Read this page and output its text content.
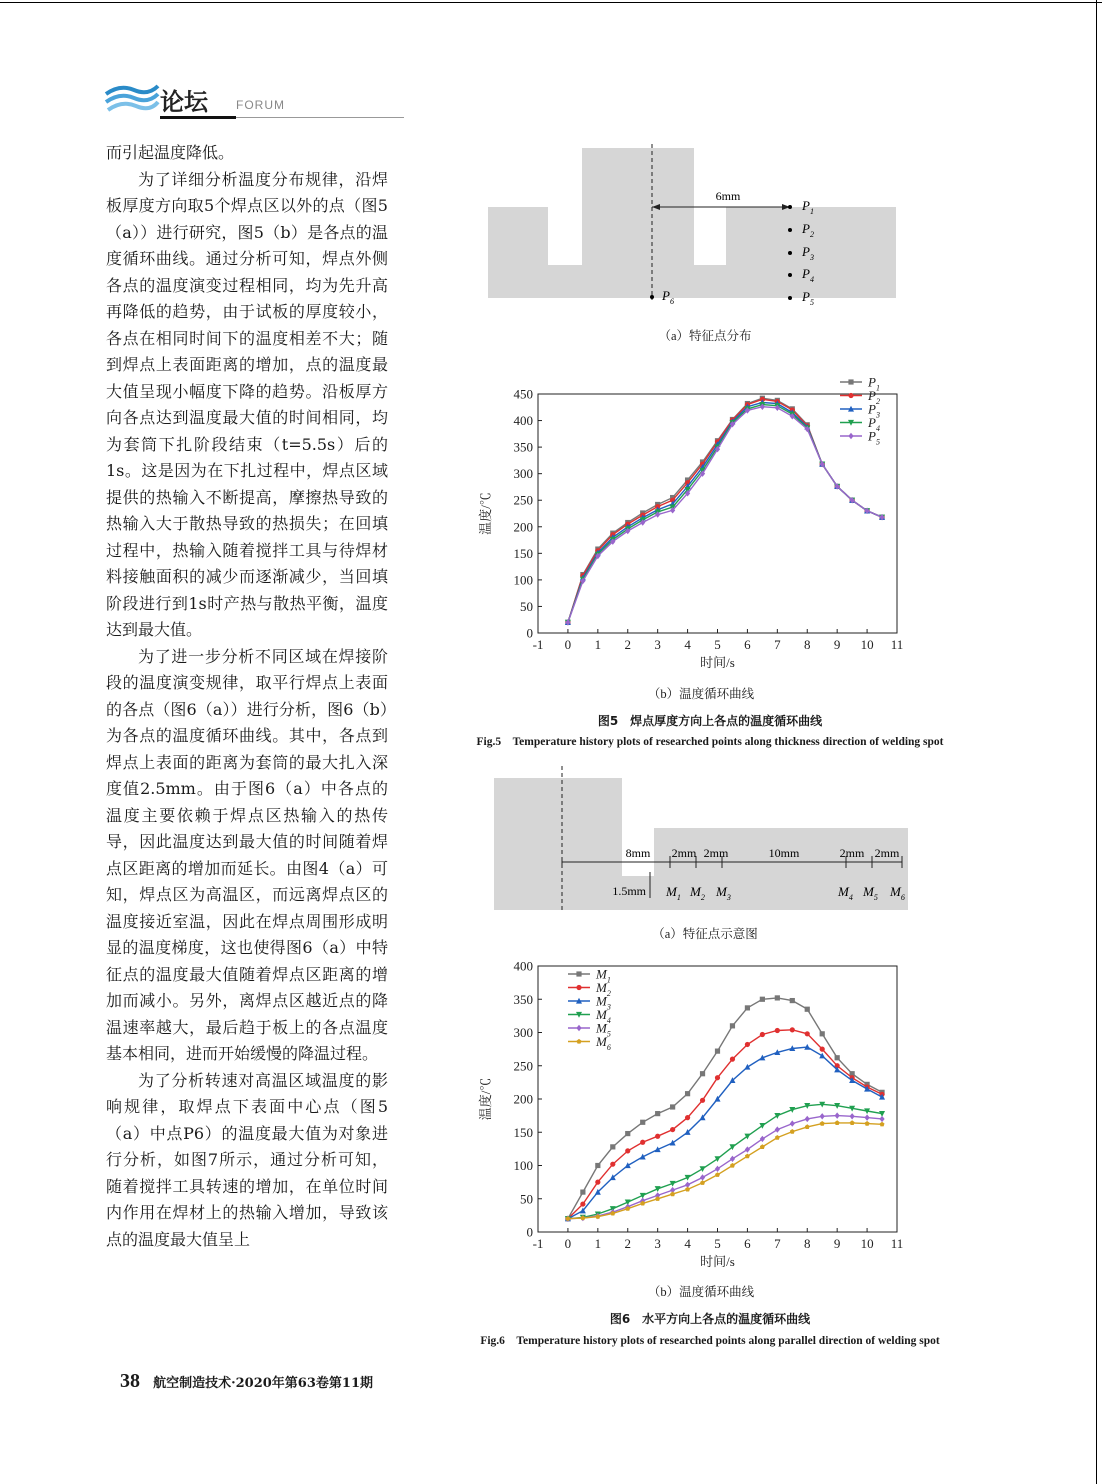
论坛 FORUM

而引起温度降低。

为了详细分析温度分布规律，沿焊板厚度方向取5个焊点区以外的点（图5（a））进行研究，图5（b）是各点的温度循环曲线。通过分析可知，焊点外侧各点的温度演变过程相同，均为先升高再降低的趋势，由于试板的厚度较小，各点在相同时间下的温度相差不大；随到焊点上表面距离的增加，点的温度最大值呈现小幅度下降的趋势。沿板厚方向各点达到温度最大值的时间相同，均为套筒下扎阶段结束（t=5.5s）后的1s。这是因为在下扎过程中，焊点区域提供的热输入不断提高，摩擦热导致的热输入大于散热导致的热损失；在回填过程中，热输入随着搅拌工具与待焊材料接触面积的减少而逐渐减少，当回填阶段进行到1s时产热与散热平衡，温度达到最大值。

为了进一步分析不同区域在焊接阶段的温度演变规律，取平行焊点上表面的各点（图6（a））进行分析，图6（b）为各点的温度循环曲线。其中，各点到焊点上表面的距离为套筒的最大扎入深度值2.5mm。由于图6（a）中各点的温度主要依赖于焊点区热输入的热传导，因此温度达到最大值的时间随着焊点区距离的增加而延长。由图4（a）可知，焊点区为高温区，而远离焊点区的温度接近室温，因此在焊点周围形成明显的温度梯度，这也使得图6（a）中特征点的温度最大值随着焊点区距离的增加而减小。另外，离焊点区越近点的降温速率越大，最后趋于板上的各点温度基本相同，进而开始缓慢的降温过程。

为了分析转速对高温区域温度的影响规律，取焊点下表面中心点（图5（a）中点P6）的温度最大值为对象进行分析，如图7所示，通过分析可知，随着搅拌工具转速的增加，在单位时间内作用在焊材上的热输入增加，导致该点的温度最大值呈上

38 航空制造技术·2020年第63卷第11期
6mm
$P_1$
$P_2$
$P_3$
$P_4$
$P_5$
$P_6$
（a）特征点分布
-1 0 1 2 3 4 5 6 7 8 9 10 11
0
50
100
150
200
250
300
350
400
450
时间/s
温度/℃
$P_1$
$P_2$
$P_3$
$P_4$
$P_5$
（b）温度循环曲线
图5　焊点厚度方向上各点的温度循环曲线
Fig.5　Temperature history plots of researched points along thickness direction of welding spot
8mm 2mm 2mm	10mm	2mm 2mm
1.5mm $M_1$ $M_2$ $M_3$	$M_4$ $M_5$ $M_6$
（a）特征点示意图
-1 0 1 2 3 4 5 6 7 8 9 10 11
0
50
100
150
200
250
300
350
400
时间/s
温度/℃
$M_1$
$M_2$
$M_3$
$M_4$
$M_5$
$M_6$
（b）温度循环曲线
图6　水平方向上各点的温度循环曲线
Fig.6　Temperature history plots of researched points along parallel direction of welding spot
